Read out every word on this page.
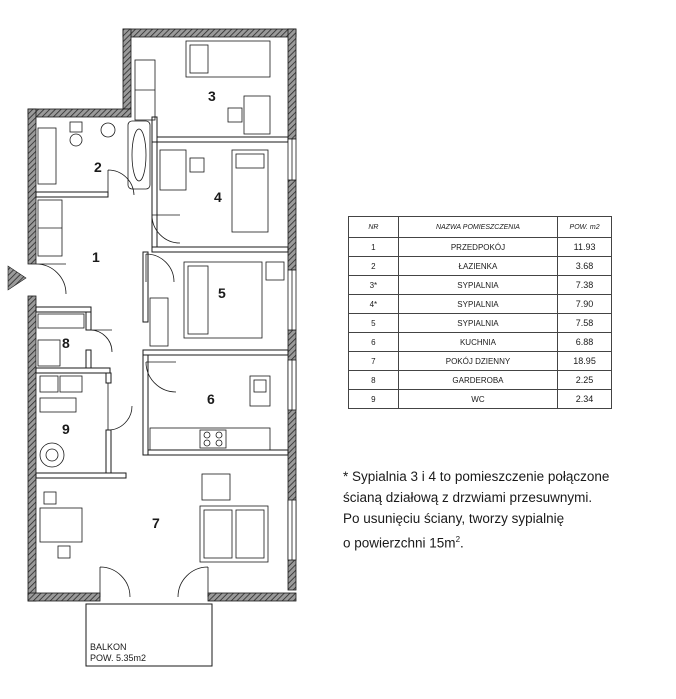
BALKON
POW. 5.35m2
1
2
3
4
5
6
7
8
9
NR	NAZWA POMIESZCZENIA	POW. m2
1	PRZEDPOKÓJ	11.93
2	ŁAZIENKA	3.68
3*	SYPIALNIA	7.38
4*	SYPIALNIA	7.90
5	SYPIALNIA	7.58
6	KUCHNIA	6.88
7	POKÓJ DZIENNY	18.95
8	GARDEROBA	2.25
9	WC	2.34

* Sypialnia 3 i 4 to pomieszczenie połączone

ścianą działową z drzwiami przesuwnymi.

Po usunięciu ściany, tworzy sypialnię

o powierzchni $15m^2$.
